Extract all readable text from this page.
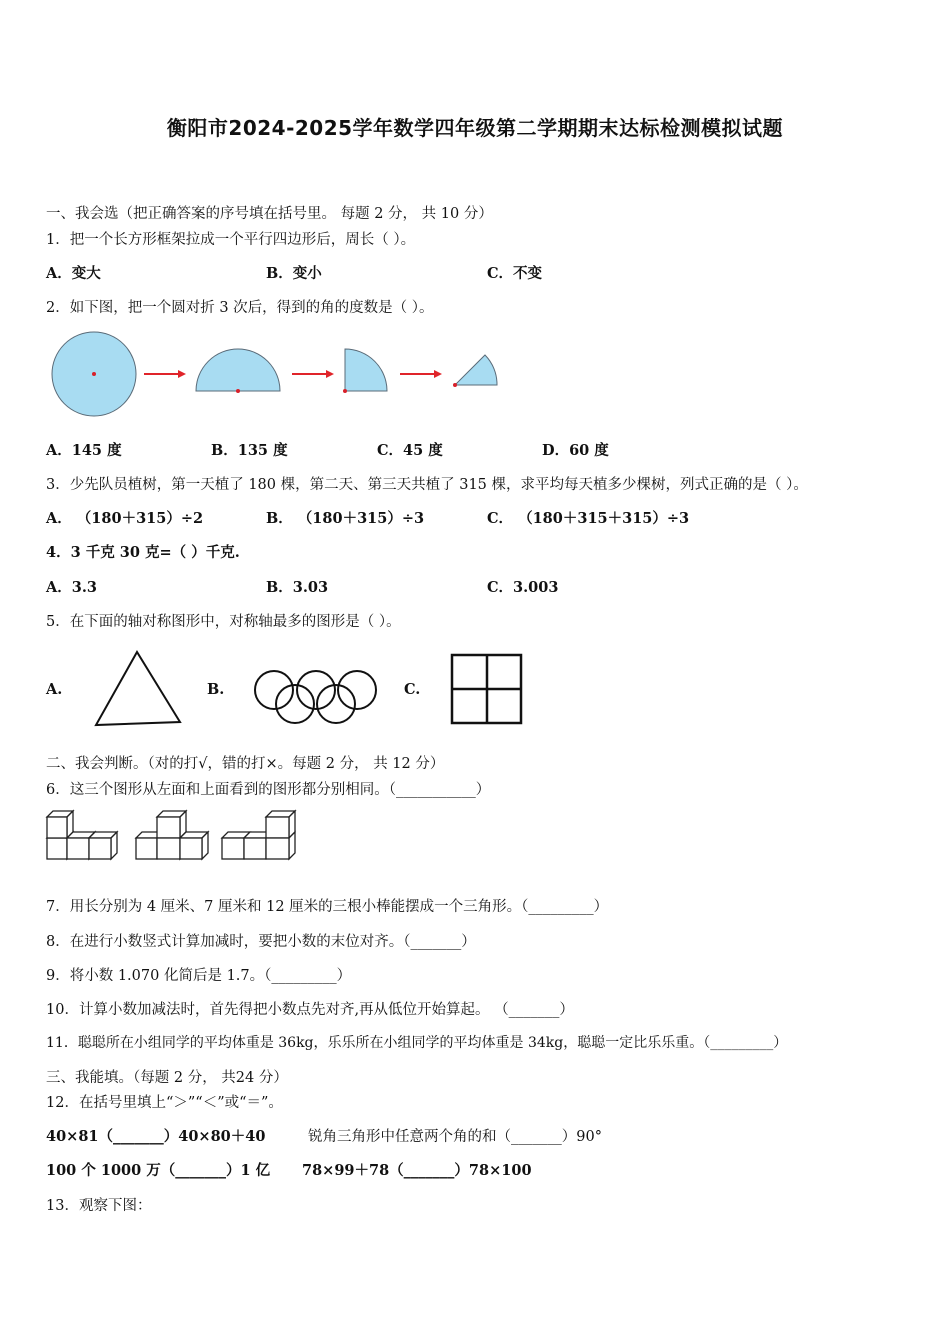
衡阳市2024-2025学年数学四年级第二学期期末达标检测模拟试题
一、我会选（把正确答案的序号填在括号里。 每题 2 分， 共 10 分）
1．把一个长方形框架拉成一个平行四边形后，周长（ ）。
A．变大	B．变小	C．不变
2．如下图，把一个圆对折 3 次后，得到的角的度数是（ ）。
A．145 度	B．135 度	C．45 度	D．60 度
3．少先队员植树，第一天植了 180 棵，第二天、第三天共植了 315 棵，求平均每天植多少棵树，列式正确的是（ ）。
A． （180＋315）÷2	B． （180＋315）÷3	C． （180＋315＋315）÷3
4．3 千克 30 克=（ ）千克.
A．3.3	B．3.03	C．3.003
5．在下面的轴对称图形中，对称轴最多的图形是（ ）。
A.	B.	C.
二、我会判断。（对的打√，错的打×。每题 2 分， 共 12 分）
6．这三个图形从左面和上面看到的图形都分别相同。（___________）
7．用长分别为 4 厘米、7 厘米和 12 厘米的三根小棒能摆成一个三角形。（_________）
8．在进行小数竖式计算加减时，要把小数的末位对齐。（_______）
9．将小数 1.070 化简后是 1.7。（_________）
10．计算小数加减法时，首先得把小数点先对齐,再从低位开始算起。 （_______）
11．聪聪所在小组同学的平均体重是 36kg，乐乐所在小组同学的平均体重是 34kg，聪聪一定比乐乐重。（_________）
三、我能填。（每题 2 分， 共24 分）
12．在括号里填上“＞”“＜”或“＝”。
40×81（_______）40×80＋40	锐角三角形中任意两个角的和（_______）90°
100 个 1000 万（_______）1 亿 78×99＋78（_______）78×100
13．观察下图：
